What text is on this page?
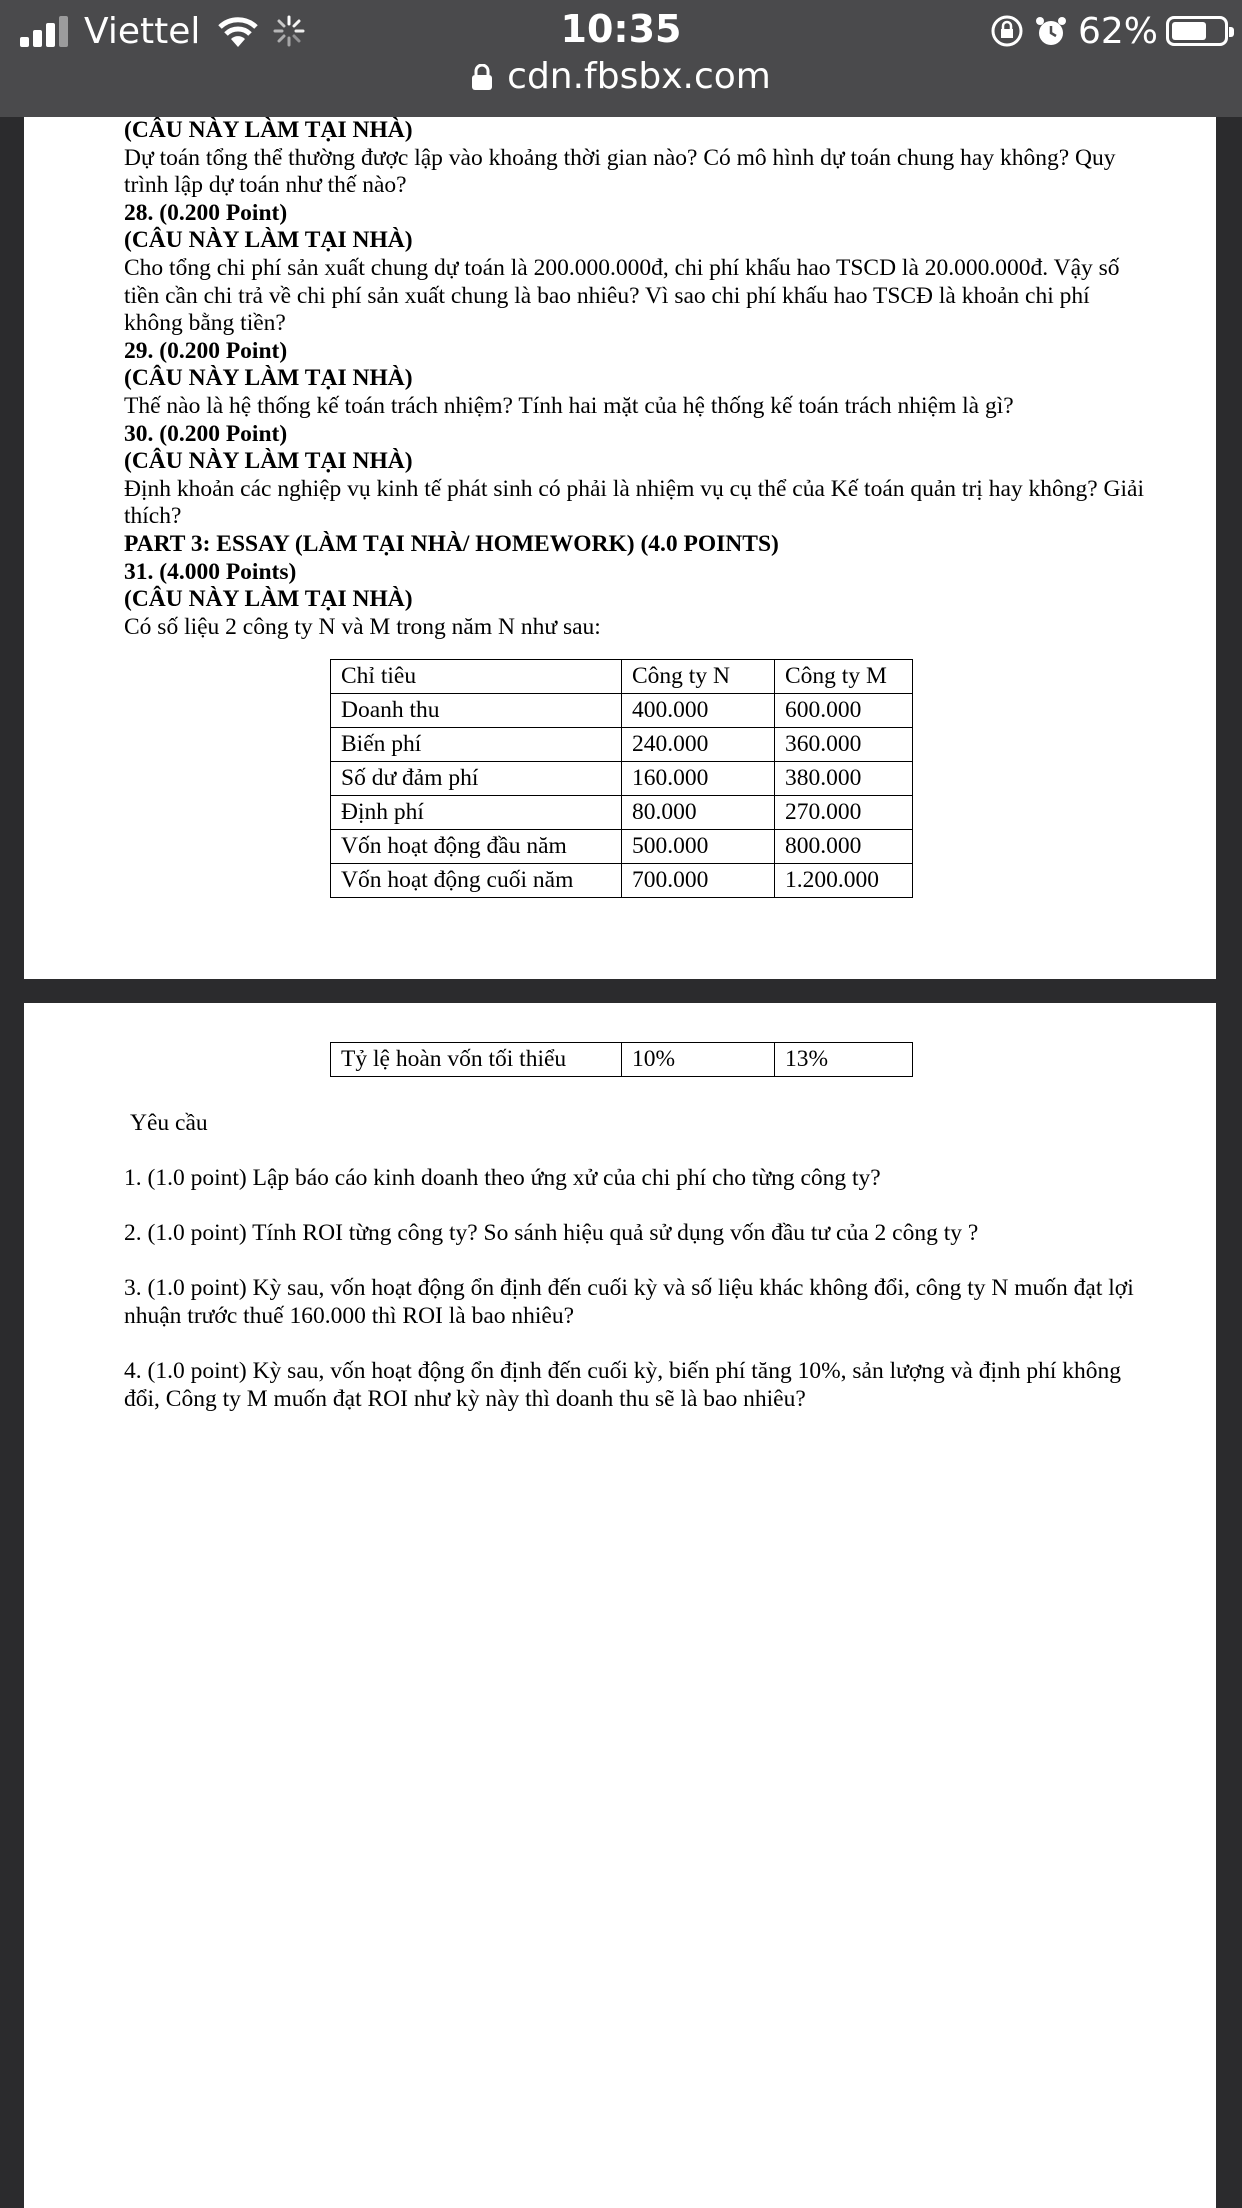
Viettel	10:35	62%
cdn.fbsbx.com

(CÂU NÀY LÀM TẠI NHÀ)

Dự toán tổng thể thường được lập vào khoảng thời gian nào? Có mô hình dự toán chung hay không? Quy trình lập dự toán như thế nào?

28. (0.200 Point)

(CÂU NÀY LÀM TẠI NHÀ)

Cho tổng chi phí sản xuất chung dự toán là 200.000.000đ, chi phí khấu hao TSCD là 20.000.000đ. Vậy số tiền cần chi trả về chi phí sản xuất chung là bao nhiêu? Vì sao chi phí khấu hao TSCĐ là khoản chi phí không bằng tiền?

29. (0.200 Point)

(CÂU NÀY LÀM TẠI NHÀ)

Thế nào là hệ thống kế toán trách nhiệm? Tính hai mặt của hệ thống kế toán trách nhiệm là gì?

30. (0.200 Point)

(CÂU NÀY LÀM TẠI NHÀ)

Định khoản các nghiệp vụ kinh tế phát sinh có phải là nhiệm vụ cụ thể của Kế toán quản trị hay không? Giải thích?

PART 3: ESSAY (LÀM TẠI NHÀ/ HOMEWORK) (4.0 POINTS)

31. (4.000 Points)

(CÂU NÀY LÀM TẠI NHÀ)

Có số liệu 2 công ty N và M trong năm N như sau:

Chỉ tiêu	Công ty N	Công ty M
Doanh thu	400.000	600.000
Biến phí	240.000	360.000
Số dư đảm phí	160.000	380.000
Định phí	80.000	270.000
Vốn hoạt động đầu năm	500.000	800.000
Vốn hoạt động cuối năm	700.000	1.200.000
Tỷ lệ hoàn vốn tối thiểu	10%	13%
Yêu cầu
1. (1.0 point) Lập báo cáo kinh doanh theo ứng xử của chi phí cho từng công ty?
2. (1.0 point) Tính ROI từng công ty? So sánh hiệu quả sử dụng vốn đầu tư của 2 công ty ?
3. (1.0 point) Kỳ sau, vốn hoạt động ổn định đến cuối kỳ và số liệu khác không đổi, công ty N muốn đạt lợi nhuận trước thuế 160.000 thì ROI là bao nhiêu?
4. (1.0 point) Kỳ sau, vốn hoạt động ổn định đến cuối kỳ, biến phí tăng 10%, sản lượng và định phí không đổi, Công ty M muốn đạt ROI như kỳ này thì doanh thu sẽ là bao nhiêu?
